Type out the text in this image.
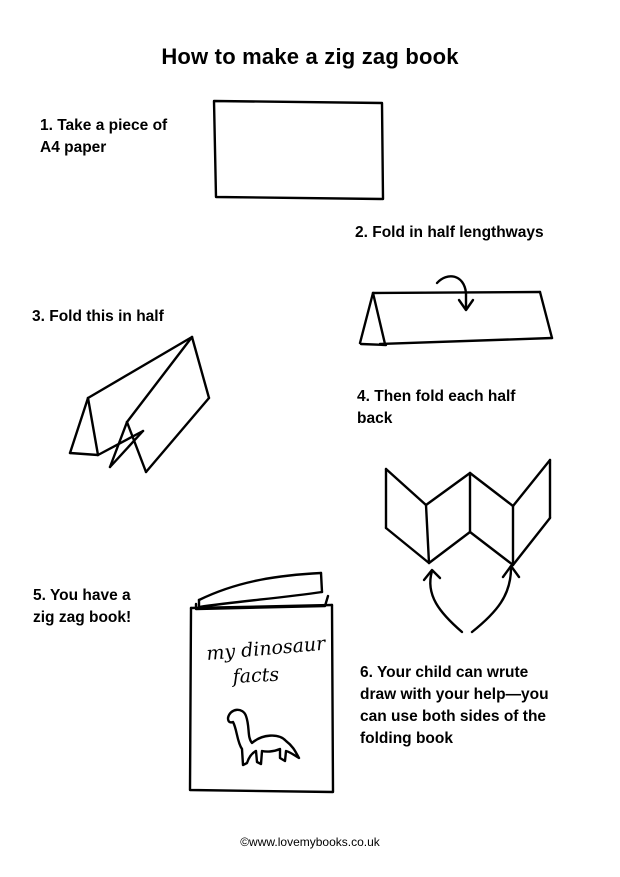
How to make a zig zag book
1. Take a piece of
A4 paper
2. Fold in half lengthways
3. Fold this in half
4. Then fold each half
back
5. You have a
zig zag book!
6. Your child can wrute
draw with your help—you
can use both sides of the
folding book
my dinosaur
facts
©www.lovemybooks.co.uk
